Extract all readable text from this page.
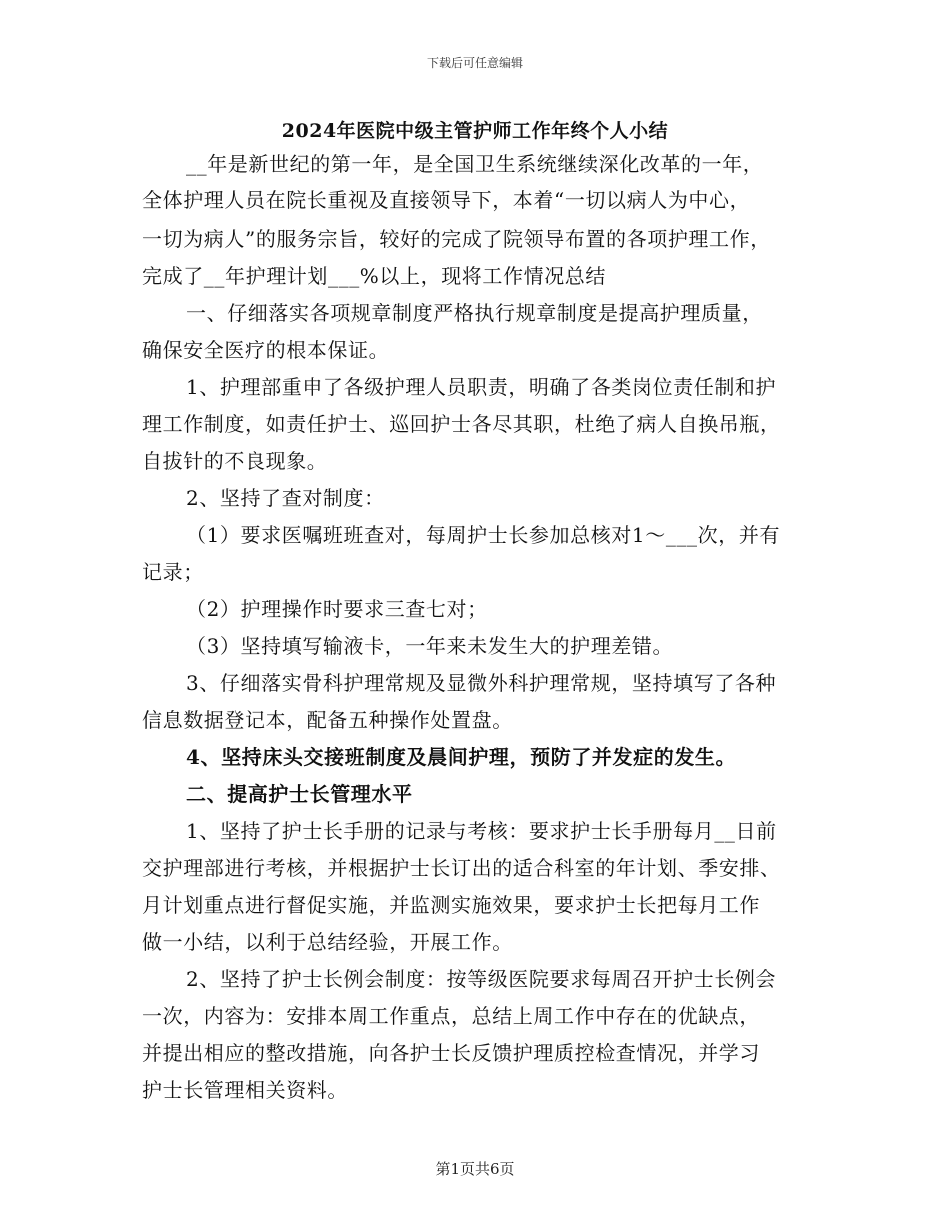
下载后可任意编辑
2024年医院中级主管护师工作年终个人小结
__年是新世纪的第一年，是全国卫生系统继续深化改革的一年，
全体护理人员在院长重视及直接领导下，本着“一切以病人为中心，
一切为病人”的服务宗旨，较好的完成了院领导布置的各项护理工作，
完成了__年护理计划___%以上，现将工作情况总结
一、仔细落实各项规章制度严格执行规章制度是提高护理质量，
确保安全医疗的根本保证。
1、护理部重申了各级护理人员职责，明确了各类岗位责任制和护
理工作制度，如责任护士、巡回护士各尽其职，杜绝了病人自换吊瓶，
自拔针的不良现象。
2、坚持了查对制度：
（1）要求医嘱班班查对，每周护士长参加总核对1～___次，并有
记录；
（2）护理操作时要求三查七对；
（3）坚持填写输液卡，一年来未发生大的护理差错。
3、仔细落实骨科护理常规及显微外科护理常规，坚持填写了各种
信息数据登记本，配备五种操作处置盘。
4、坚持床头交接班制度及晨间护理，预防了并发症的发生。
二、提高护士长管理水平
1、坚持了护士长手册的记录与考核：要求护士长手册每月__日前
交护理部进行考核，并根据护士长订出的适合科室的年计划、季安排、
月计划重点进行督促实施，并监测实施效果，要求护士长把每月工作
做一小结，以利于总结经验，开展工作。
2、坚持了护士长例会制度：按等级医院要求每周召开护士长例会
一次，内容为：安排本周工作重点，总结上周工作中存在的优缺点，
并提出相应的整改措施，向各护士长反馈护理质控检查情况，并学习
护士长管理相关资料。
第1页共6页
